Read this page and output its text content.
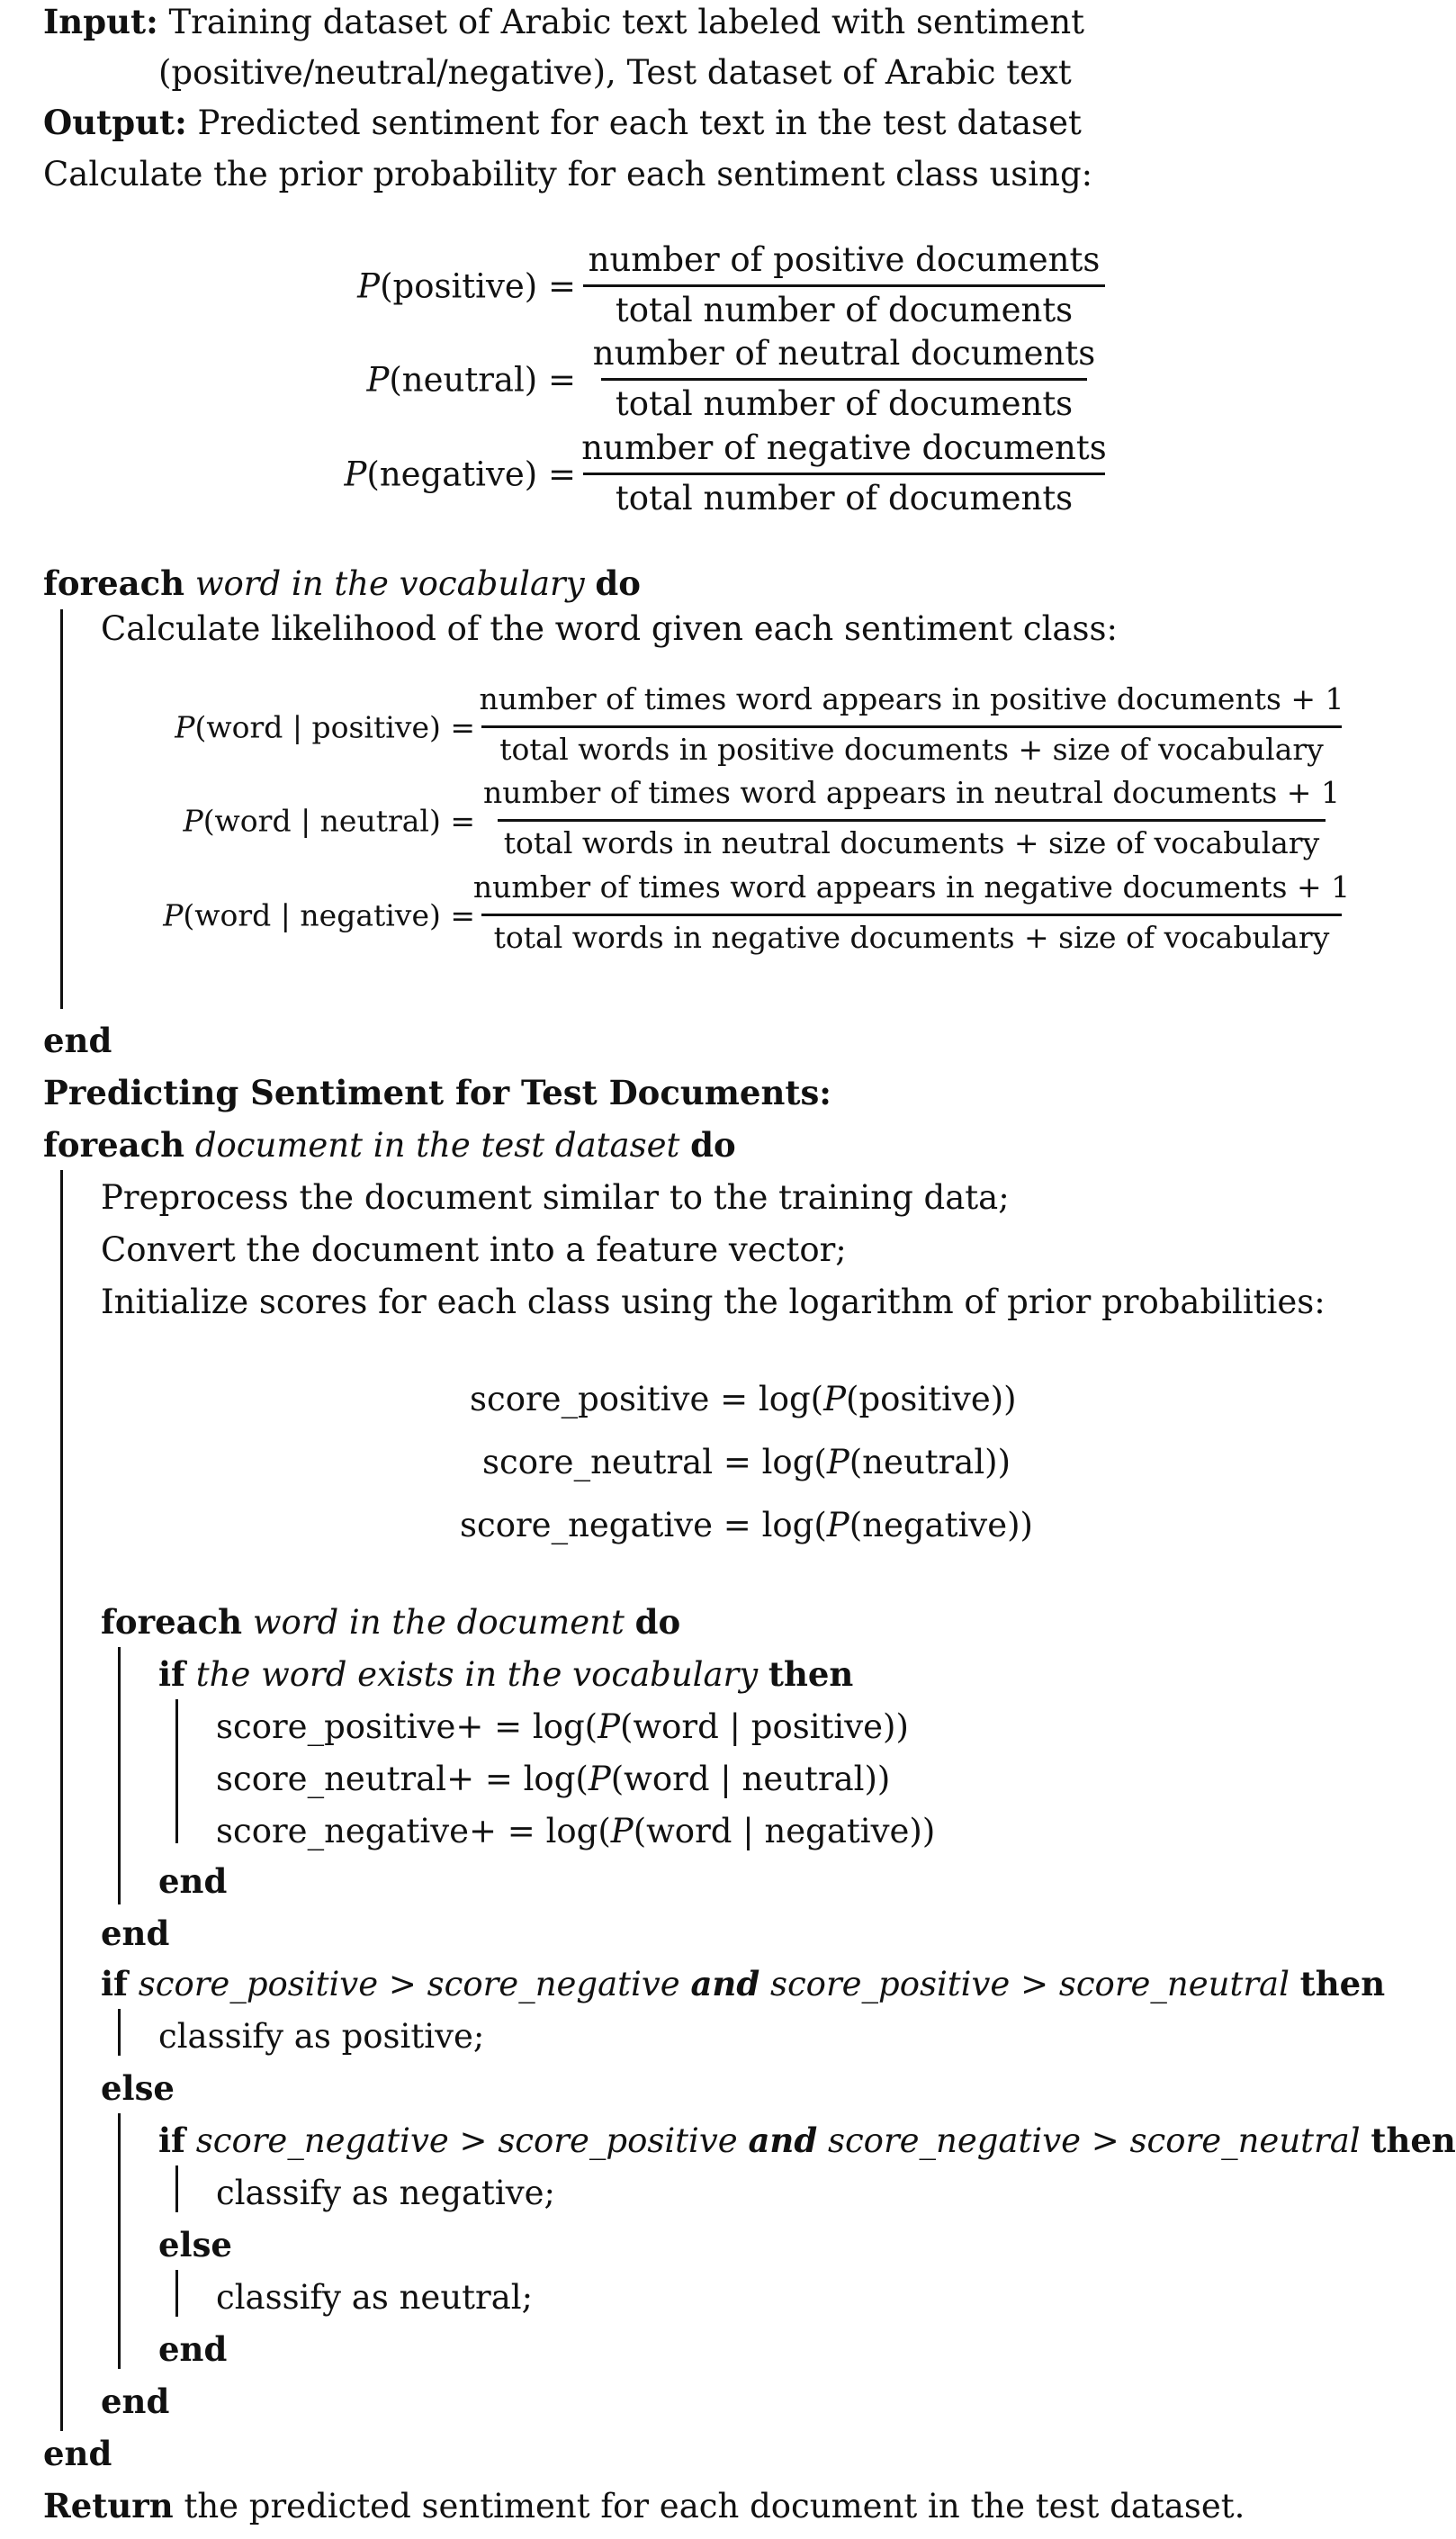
Input: Training dataset of Arabic text labeled with sentiment
(positive/neutral/negative), Test dataset of Arabic text
Output: Predicted sentiment for each text in the test dataset
Calculate the prior probability for each sentiment class using:
P(positive) =
number of positive documents
total number of documents
P(neutral) =
number of neutral documents
total number of documents
P(negative) =
number of negative documents
total number of documents
foreach word in the vocabulary do
Calculate likelihood of the word given each sentiment class:
P(word | positive) =
number of times word appears in positive documents + 1
total words in positive documents + size of vocabulary
P(word | neutral) =
number of times word appears in neutral documents + 1
total words in neutral documents + size of vocabulary
P(word | negative) =
number of times word appears in negative documents + 1
total words in negative documents + size of vocabulary
end
Predicting Sentiment for Test Documents:
foreach document in the test dataset do
Preprocess the document similar to the training data;
Convert the document into a feature vector;
Initialize scores for each class using the logarithm of prior probabilities:
score_positive = log(P(positive))
score_neutral = log(P(neutral))
score_negative = log(P(negative))
foreach word in the document do
if the word exists in the vocabulary then
score_positive+ = log(P(word | positive))
score_neutral+ = log(P(word | neutral))
score_negative+ = log(P(word | negative))
end
end
if score_positive > score_negative and score_positive > score_neutral then
classify as positive;
else
if score_negative > score_positive and score_negative > score_neutral then
classify as negative;
else
classify as neutral;
end
end
end
Return the predicted sentiment for each document in the test dataset.
